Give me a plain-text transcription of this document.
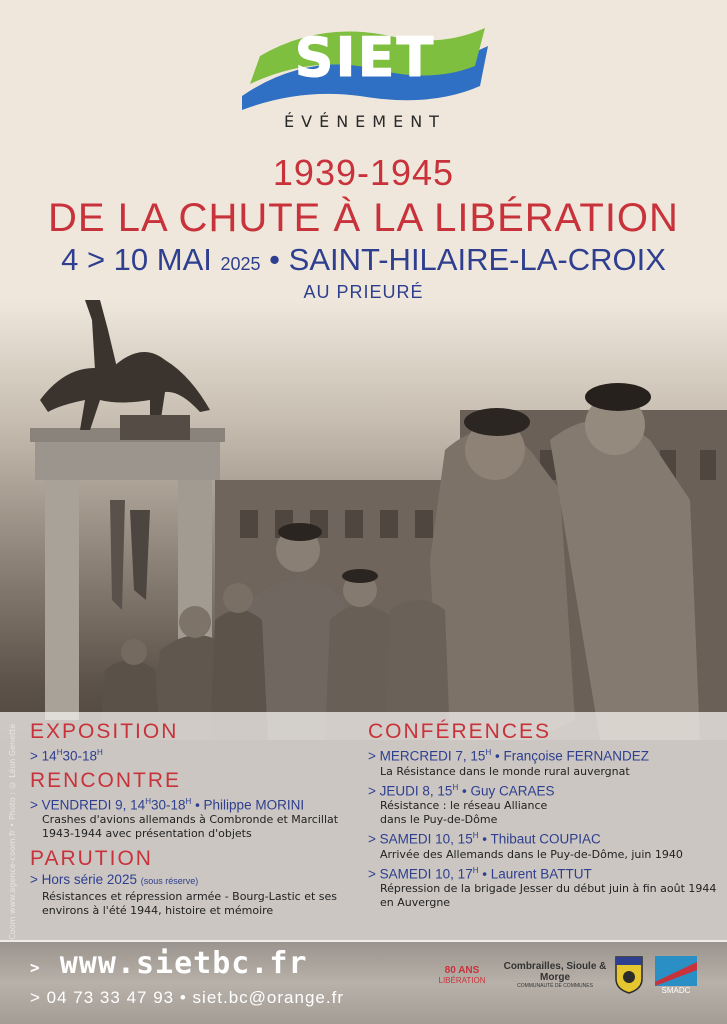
SIET
ÉVÉNEMENT
1939-1945
DE LA CHUTE À LA LIBÉRATION
4 > 10 MAI 2025 • SAINT-HILAIRE-LA-CROIX
AU PRIEURÉ
EXPOSITION
> $14^H30-18^H$
RENCONTRE
> VENDREDI 9, $14^H30-18^H$ • Philippe MORINI
Crashes d'avions allemands à Combronde et Marcillat 1943-1944 avec présentation d'objets
PARUTION
> Hors série 2025 (sous réserve)
Résistances et répression armée - Bourg-Lastic et ses environs à l'été 1944, histoire et mémoire
CONFÉRENCES
> MERCREDI 7, $15^H$ • Françoise FERNANDEZ
La Résistance dans le monde rural auvergnat
> JEUDI 8, $15^H$ • Guy CARAES
Résistance : le réseau Alliance dans le Puy-de-Dôme
> SAMEDI 10, $15^H$ • Thibaut COUPIAC
Arrivée des Allemands dans le Puy-de-Dôme, juin 1940
> SAMEDI 10, $17^H$ • Laurent BATTUT
Répression de la brigade Jesser du début juin à fin août 1944 en Auvergne
> www.sietbc.fr
> 04 73 33 47 93 • siet.bc@orange.fr
80 ANS
LIBÉRATION
Combrailles, Sioule & Morge
COMMUNAUTÉ DE COMMUNES	SMADC
